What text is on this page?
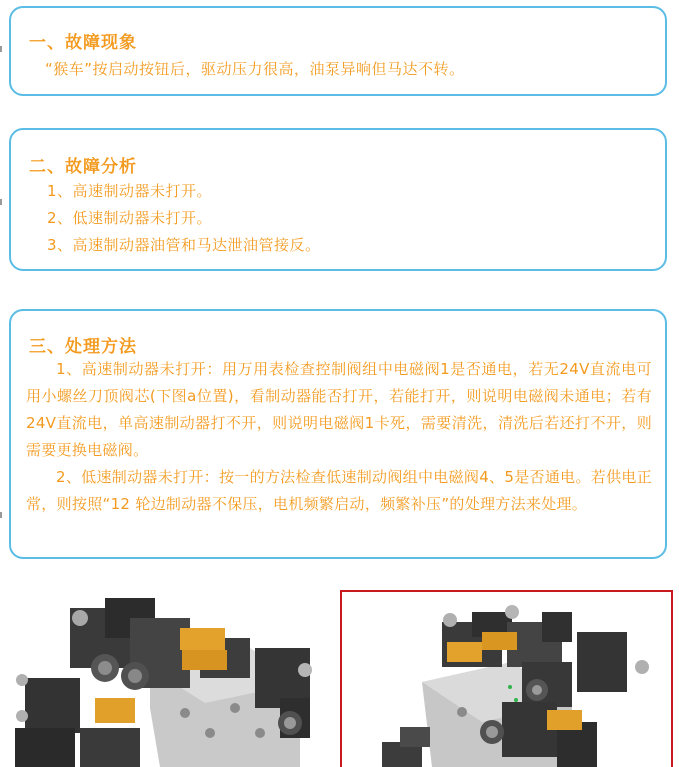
一、故障现象
“猴车”按启动按钮后，驱动压力很高，油泵异响但马达不转。
二、故障分析
1、高速制动器未打开。
2、低速制动器未打开。
3、高速制动器油管和马达泄油管接反。
三、处理方法

1、高速制动器未打开：用万用表检查控制阀组中电磁阀1是否通电，若无24V直流电可用小螺丝刀顶阀芯(下图a位置)，看制动器能否打开，若能打开，则说明电磁阀未通电；若有24V直流电，单高速制动器打不开，则说明电磁阀1卡死，需要清洗，清洗后若还打不开，则需要更换电磁阀。

2、低速制动器未打开：按一的方法检查低速制动阀组中电磁阀4、5是否通电。若供电正常，则按照“12 轮边制动器不保压，电机频繁启动，频繁补压”的处理方法来处理。
